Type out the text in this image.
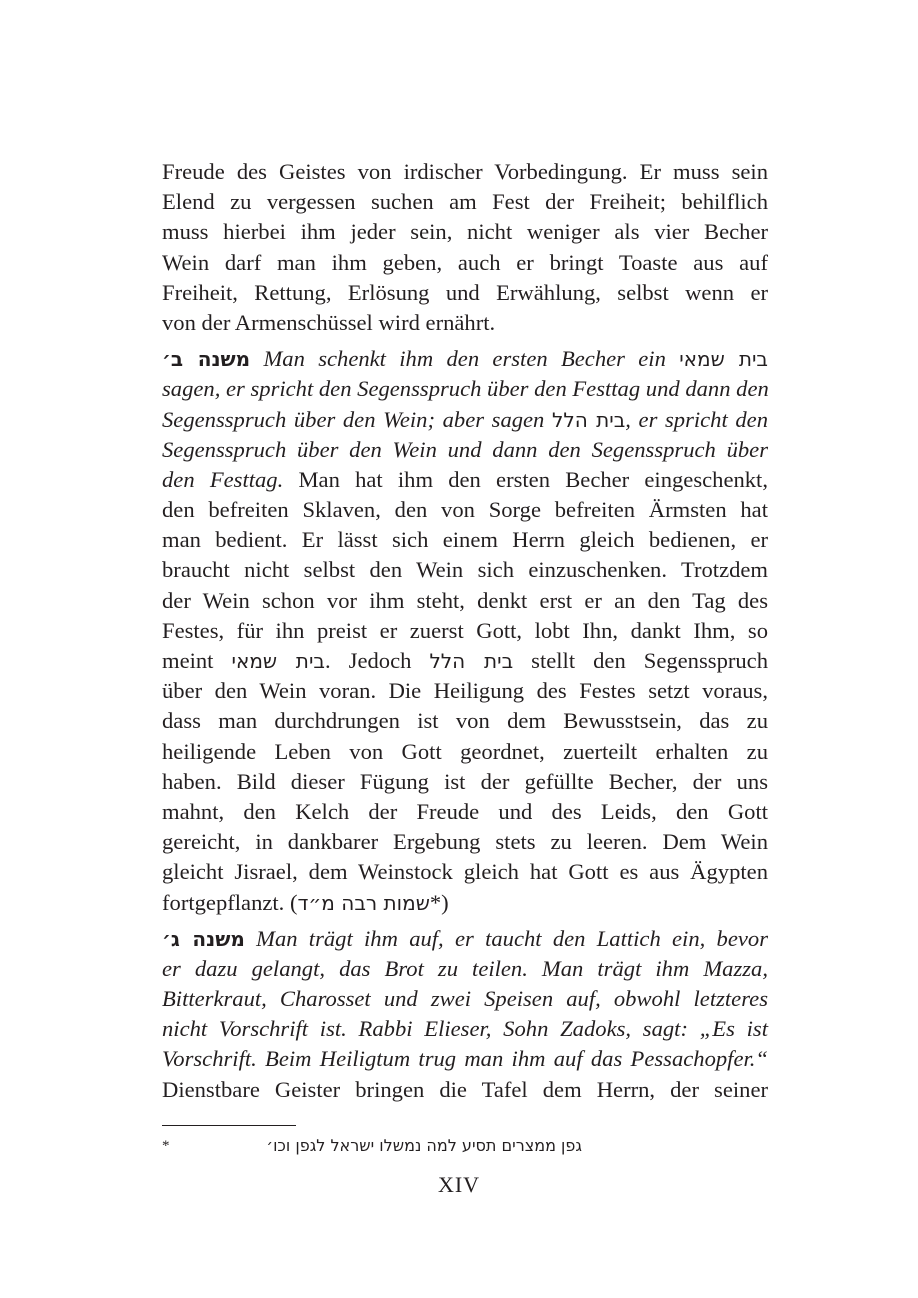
Freude des Geistes von irdischer Vorbedingung. Er muss sein
Elend zu vergessen suchen am Fest der Freiheit; behilflich
muss hierbei ihm jeder sein, nicht weniger als vier Becher
Wein darf man ihm geben, auch er bringt Toaste aus auf
Freiheit, Rettung, Erlösung und Erwählung, selbst wenn er
von der Armenschüssel wird ernährt.
משנה ב׳ Man schenkt ihm den ersten Becher ein בית שמאי
sagen, er spricht den Segensspruch über den Festtag und dann den
Segensspruch über den Wein; aber sagen בית הלל, er spricht den
Segensspruch über den Wein und dann den Segensspruch über
den Festtag. Man hat ihm den ersten Becher eingeschenkt,
den befreiten Sklaven, den von Sorge befreiten Ärmsten hat
man bedient. Er lässt sich einem Herrn gleich bedienen, er
braucht nicht selbst den Wein sich einzuschenken. Trotzdem
der Wein schon vor ihm steht, denkt erst er an den Tag des
Festes, für ihn preist er zuerst Gott, lobt Ihn, dankt Ihm, so
meint בית שמאי. Jedoch בית הלל stellt den Segensspruch
über den Wein voran. Die Heiligung des Festes setzt voraus,
dass man durchdrungen ist von dem Bewusstsein, das zu
heiligende Leben von Gott geordnet, zuerteilt erhalten zu
haben. Bild dieser Fügung ist der gefüllte Becher, der uns
mahnt, den Kelch der Freude und des Leids, den Gott
gereicht, in dankbarer Ergebung stets zu leeren. Dem Wein
gleicht Jisrael, dem Weinstock gleich hat Gott es aus Ägypten
fortgepflanzt. (שמות רבה מ״ד*)
משנה ג׳ Man trägt ihm auf, er taucht den Lattich ein, bevor
er dazu gelangt, das Brot zu teilen. Man trägt ihm Mazza,
Bitterkraut, Charosset und zwei Speisen auf, obwohl letzteres
nicht Vorschrift ist. Rabbi Elieser, Sohn Zadoks, sagt: „Es ist
Vorschrift. Beim Heiligtum trug man ihm auf das Pessachopfer.“
Dienstbare Geister bringen die Tafel dem Herrn, der seiner
*	גפן ממצרים תסיע למה נמשלו ישראל לגפן וכו׳
XIV
